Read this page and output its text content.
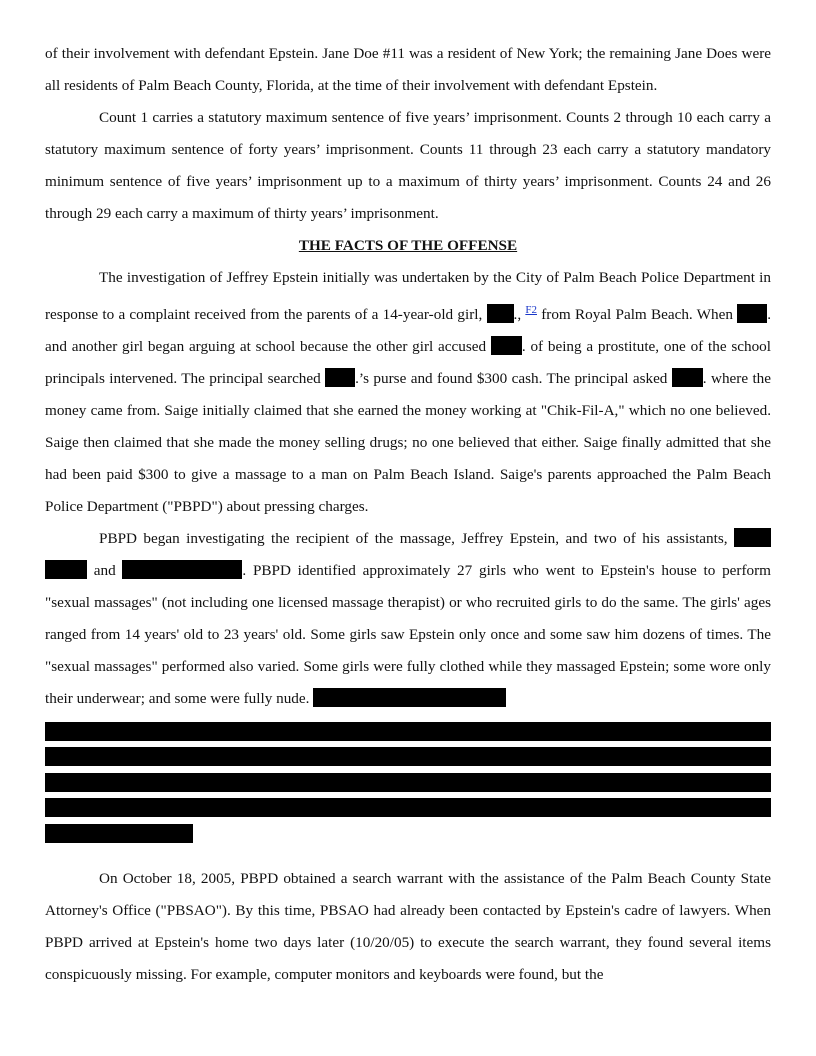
of their involvement with defendant Epstein. Jane Doe #11 was a resident of New York; the remaining Jane Does were all residents of Palm Beach County, Florida, at the time of their involvement with defendant Epstein.

Count 1 carries a statutory maximum sentence of five years’ imprisonment. Counts 2 through 10 each carry a statutory maximum sentence of forty years’ imprisonment. Counts 11 through 23 each carry a statutory mandatory minimum sentence of five years’ imprisonment up to a maximum of thirty years’ imprisonment. Counts 24 and 26 through 29 each carry a maximum of thirty years’ imprisonment.

THE FACTS OF THE OFFENSE

The investigation of Jeffrey Epstein initially was undertaken by the City of Palm Beach Police Department in response to a complaint received from the parents of a 14-year-old girl, ., $^{F2}$ from Royal Palm Beach. When . and another girl began arguing at school because the other girl accused . of being a prostitute, one of the school principals intervened. The principal searched .’s purse and found $300 cash. The principal asked . where the money came from. Saige initially claimed that she earned the money working at "Chik-Fil-A," which no one believed. Saige then claimed that she made the money selling drugs; no one believed that either. Saige finally admitted that she had been paid $300 to give a massage to a man on Palm Beach Island. Saige's parents approached the Palm Beach Police Department ("PBPD") about pressing charges.

PBPD began investigating the recipient of the massage, Jeffrey Epstein, and two of his assistants,   and	. PBPD identified approximately 27 girls who went to Epstein's house to perform "sexual massages" (not including one licensed massage therapist) or who recruited girls to do the same. The girls' ages ranged from 14 years' old to 23 years' old. Some girls saw Epstein only once and some saw him dozens of times. The "sexual massages" performed also varied. Some girls were fully clothed while they massaged Epstein; some wore only their underwear; and some were fully nude.

On October 18, 2005, PBPD obtained a search warrant with the assistance of the Palm Beach County State Attorney's Office ("PBSAO"). By this time, PBSAO had already been contacted by Epstein's cadre of lawyers. When PBPD arrived at Epstein's home two days later (10/20/05) to execute the search warrant, they found several items conspicuously missing. For example, computer monitors and keyboards were found, but the
